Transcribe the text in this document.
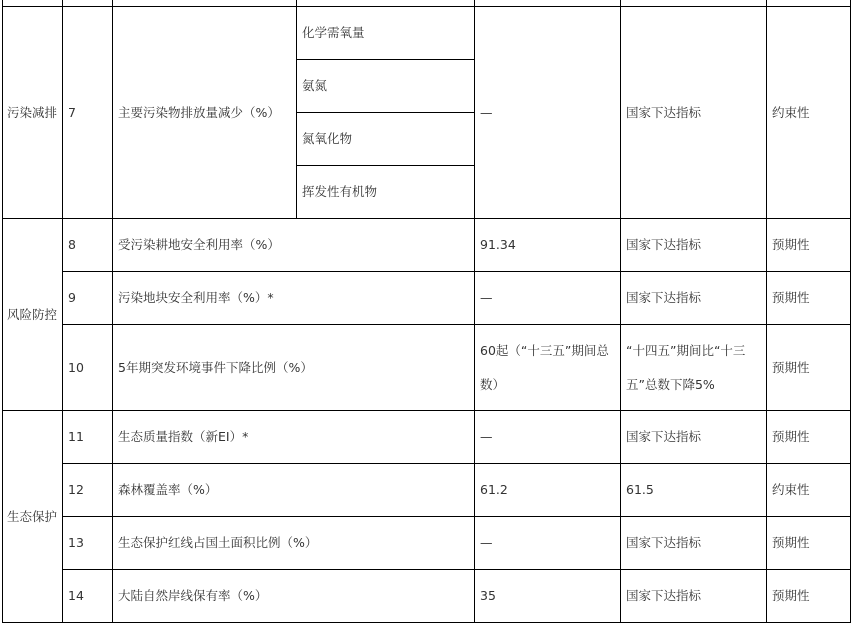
污染减排	7	主要污染物排放量减少（%）	化学需氧量	—	国家下达指标	约束性
			氨氮			
			氮氧化物			
			挥发性有机物			
风险防控	8	受污染耕地安全利用率（%）		91.34	国家下达指标	预期性
	9	污染地块安全利用率（%）*		—	国家下达指标	预期性
	10	5年期突发环境事件下降比例（%）		60起（“十三五”期间总数）	“十四五”期间比“十三五”总数下降5%	预期性
生态保护	11	生态质量指数（新EI）*		—	国家下达指标	预期性
	12	森林覆盖率（%）		61.2	61.5	约束性
	13	生态保护红线占国土面积比例（%）		—	国家下达指标	预期性
	14	大陆自然岸线保有率（%）		35	国家下达指标	预期性
